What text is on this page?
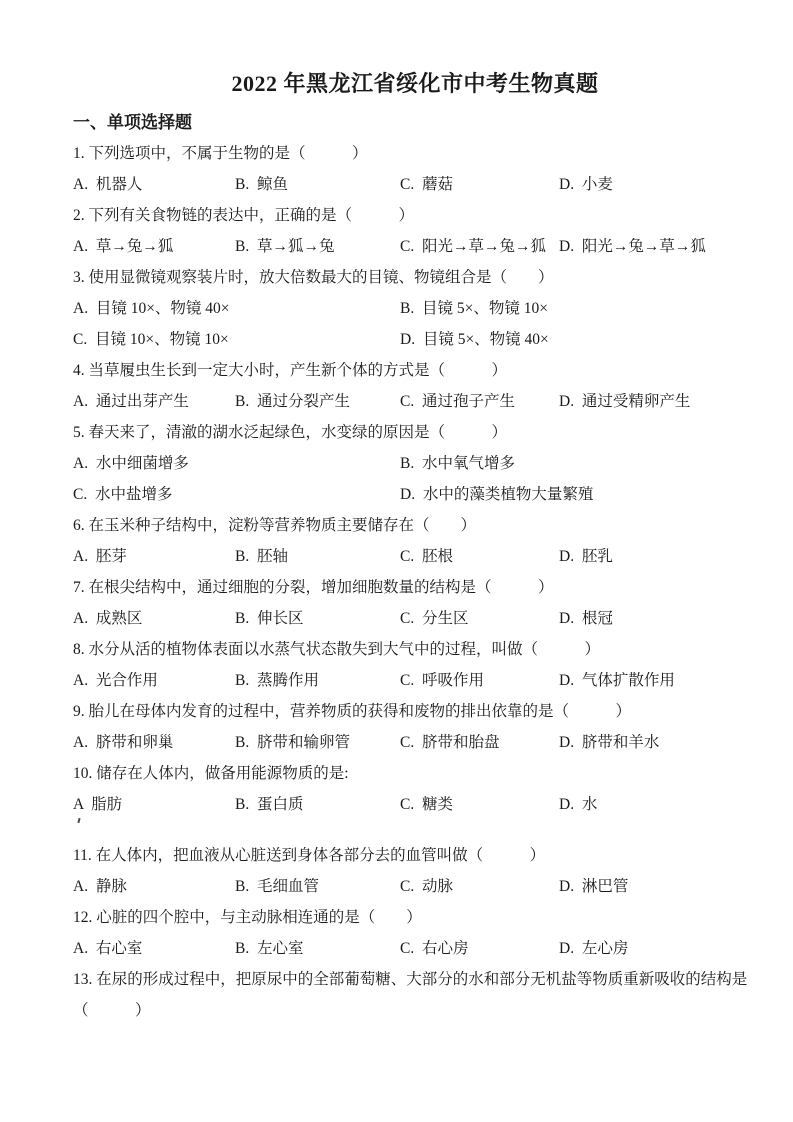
2022 年黑龙江省绥化市中考生物真题
一、单项选择题
1. 下列选项中，不属于生物的是（　　　）
A.  机器人	B.  鲸鱼	C.  蘑菇	D.  小麦
2. 下列有关食物链的表达中，正确的是（　　　）
A.  草→兔→狐	B.  草→狐→兔	C.  阳光→草→兔→狐 D.  阳光→兔→草→狐
3. 使用显微镜观察装片时，放大倍数最大的目镜、物镜组合是（　　）
A.  目镜 10×、物镜 40×	B.  目镜 5×、物镜 10×
C.  目镜 10×、物镜 10×	D.  目镜 5×、物镜 40×
4. 当草履虫生长到一定大小时，产生新个体的方式是（　　　）
A.  通过出芽产生	B.  通过分裂产生	C.  通过孢子产生	D.  通过受精卵产生
5. 春天来了，清澈的湖水泛起绿色，水变绿的原因是（　　　）
A.  水中细菌增多	B.  水中氧气增多
C.  水中盐增多	D.  水中的藻类植物大量繁殖
6. 在玉米种子结构中，淀粉等营养物质主要储存在（　　）
A.  胚芽	B.  胚轴	C.  胚根	D.  胚乳
7. 在根尖结构中，通过细胞的分裂，增加细胞数量的结构是（　　　）
A.  成熟区	B.  伸长区	C.  分生区	D.  根冠
8. 水分从活的植物体表面以水蒸气状态散失到大气中的过程，叫做（　　　）
A.  光合作用	B.  蒸腾作用	C.  呼吸作用	D.  气体扩散作用
9. 胎儿在母体内发育的过程中，营养物质的获得和废物的排出依靠的是（　　　）
A.  脐带和卵巢	B.  脐带和输卵管	C.  脐带和胎盘	D.  脐带和羊水
10. 储存在人体内，做备用能源物质的是:
A  脂肪	B.  蛋白质	C.  糖类	D.  水
11. 在人体内，把血液从心脏送到身体各部分去的血管叫做（　　　）
A.  静脉	B.  毛细血管	C.  动脉	D.  淋巴管
12. 心脏的四个腔中，与主动脉相连通的是（　　）
A.  右心室	B.  左心室	C.  右心房	D.  左心房
13. 在尿的形成过程中，把原尿中的全部葡萄糖、大部分的水和部分无机盐等物质重新吸收的结构是
（　　　）
